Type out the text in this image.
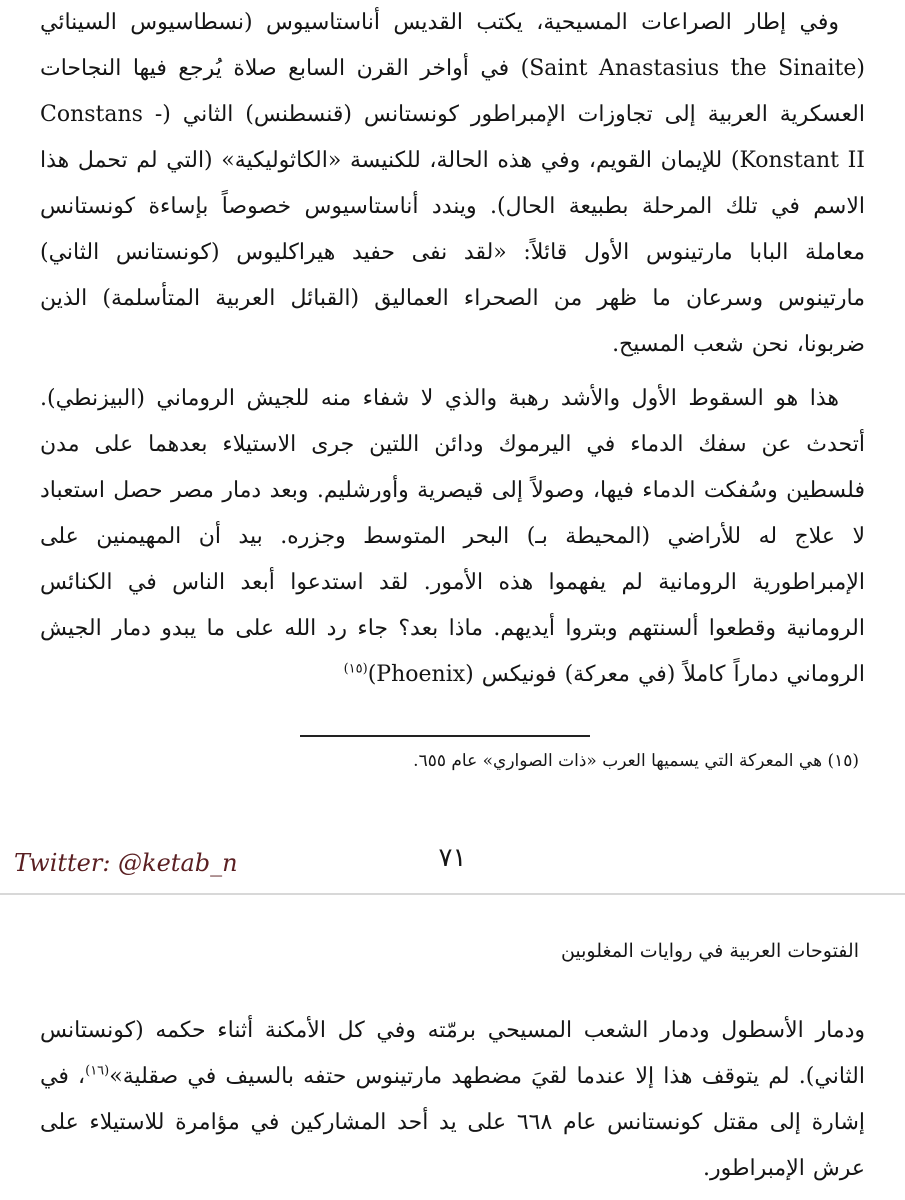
وفي إطار الصراعات المسيحية، يكتب القديس أناستاسيوس (نسطاسيوس السينائي (Saint Anastasius the Sinaite) في أواخر القرن السابع صلاة يُرجع فيها النجاحات العسكرية العربية إلى تجاوزات الإمبراطور كونستانس (قنسطنس) الثاني (Constans - Konstant II) للإيمان القويم، وفي هذه الحالة، للكنيسة «الكاثوليكية» (التي لم تحمل هذا الاسم في تلك المرحلة بطبيعة الحال). ويندد أناستاسيوس خصوصاً بإساءة كونستانس معاملة البابا مارتينوس الأول قائلاً: «لقد نفى حفيد هيراكليوس (كونستانس الثاني) مارتينوس وسرعان ما ظهر من الصحراء العماليق (القبائل العربية المتأسلمة) الذين ضربونا، نحن شعب المسيح.

هذا هو السقوط الأول والأشد رهبة والذي لا شفاء منه للجيش الروماني (البيزنطي). أتحدث عن سفك الدماء في اليرموك ودائن اللتين جرى الاستيلاء بعدهما على مدن فلسطين وسُفكت الدماء فيها، وصولاً إلى قيصرية وأورشليم. وبعد دمار مصر حصل استعباد لا علاج له للأراضي (المحيطة بـ) البحر المتوسط وجزره. بيد أن المهيمنين على الإمبراطورية الرومانية لم يفهموا هذه الأمور. لقد استدعوا أبعد الناس في الكنائس الرومانية وقطعوا ألسنتهم وبتروا أيديهم. ماذا بعد؟ جاء رد الله على ما يبدو دمار الجيش الروماني دماراً كاملاً (في معركة) فونيكس (Phoenix)$^{(١٥)}$

(١٥) هي المعركة التي يسميها العرب «ذات الصواري» عام ٦٥٥.

Twitter: @ketab_n	٧١

الفتوحات العربية في روايات المغلوبين

ودمار الأسطول ودمار الشعب المسيحي برمّته وفي كل الأمكنة أثناء حكمه (كونستانس الثاني). لم يتوقف هذا إلا عندما لقيَ مضطهد مارتينوس حتفه بالسيف في صقلية»$^{(١٦)}$، في إشارة إلى مقتل كونستانس عام ٦٦٨ على يد أحد المشاركين في مؤامرة للاستيلاء على عرش الإمبراطور.
